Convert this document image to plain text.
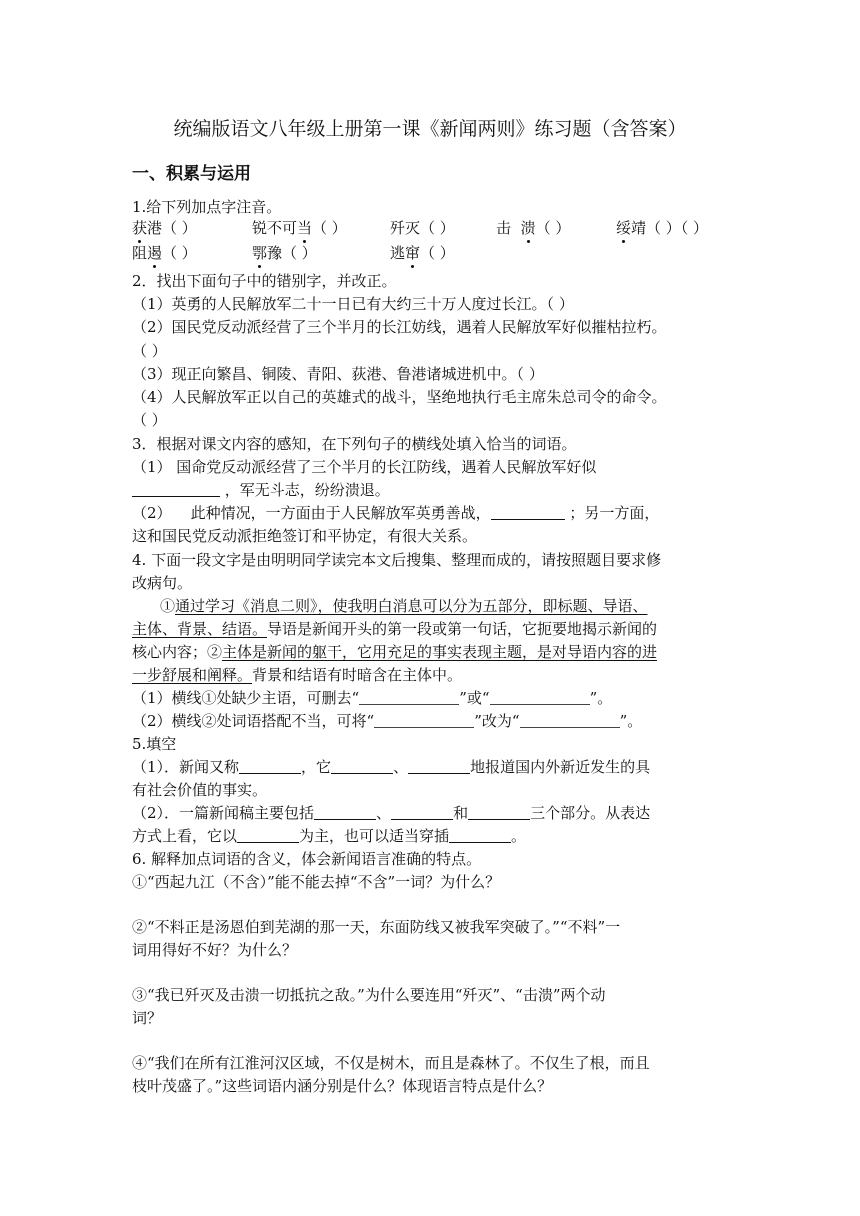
统编版语文八年级上册第一课《新闻两则》练习题（含答案）
一、积累与运用
1.给下列加点字注音。
获港（ ）	锐不可当（ ）	歼灭（ ）	击  溃（ ）	绥靖（ ）（ ）
阻遏（ ）	鄂豫（ ）	逃窜（ ）
2．找出下面句子中的错别字，并改正。
（1）英勇的人民解放军二十一日已有大约三十万人度过长江。（ ）
（2）国民党反动派经营了三个半月的长江妨线，遇着人民解放军好似摧枯拉朽。
（ ）
（3）现正向繁昌、铜陵、青阳、荻港、鲁港诸城进机中。（ ）
（4）人民解放军正以自己的英雄式的战斗，坚绝地执行毛主席朱总司令的命令。
（ ）
3．根据对课文内容的感知，在下列句子的横线处填入恰当的词语。
（1） 国命党反动派经营了三个半月的长江防线，遇着人民解放军好似
，军无斗志，纷纷溃退。
（2）    此种情况，一方面由于人民解放军英勇善战，	；另一方面，
这和国民党反动派拒绝签订和平协定，有很大关系。
4. 下面一段文字是由明明同学读完本文后搜集、整理而成的，请按照题目要求修
改病句。
①通过学习《消息二则》，使我明白消息可以分为五部分，即标题、导语、
主体、背景、结语。导语是新闻开头的第一段或第一句话，它扼要地揭示新闻的
核心内容；②主体是新闻的躯干，它用充足的事实表现主题，是对导语内容的进
一步舒展和阐释。背景和结语有时暗含在主体中。
（1）横线①处缺少主语，可删去“	”或“	”。
（2）横线②处词语搭配不当，可将“	”改为“	”。
5.填空
（1）．新闻又称	，它	、	地报道国内外新近发生的具
有社会价值的事实。
（2）．一篇新闻稿主要包括	、	和	三个部分。从表达
方式上看，它以	为主，也可以适当穿插	。
6. 解释加点词语的含义，体会新闻语言准确的特点。
①“西起九江（不含）”能不能去掉“不含”一词？为什么？
②“不料正是汤恩伯到芜湖的那一天，东面防线又被我军突破了。”“不料”一
词用得好不好？为什么？
③“我已歼灭及击溃一切抵抗之敌。”为什么要连用“歼灭”、“击溃”两个动
词？
④“我们在所有江淮河汉区域，不仅是树木，而且是森林了。不仅生了根，而且
枝叶茂盛了。”这些词语内涵分别是什么？体现语言特点是什么？
